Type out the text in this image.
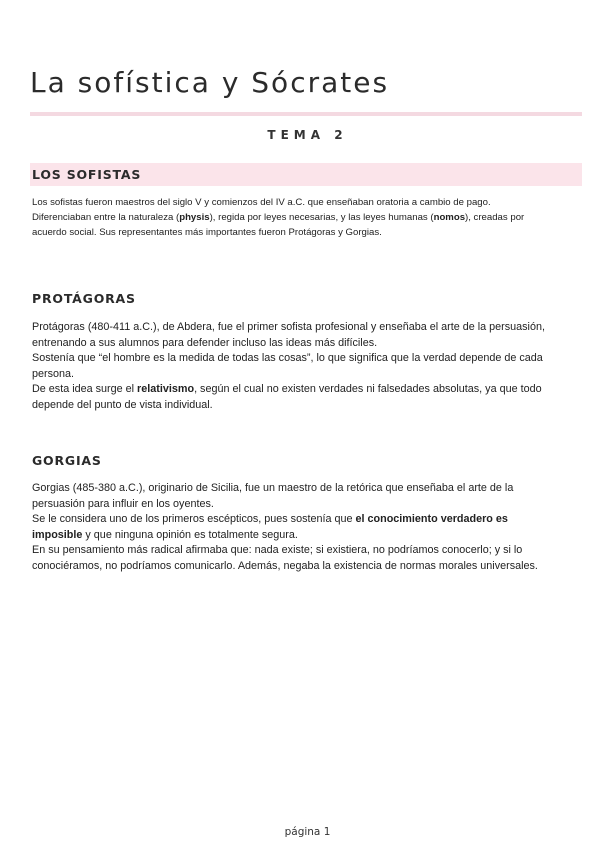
La sofística y Sócrates
TEMA 2
LOS SOFISTAS

Los sofistas fueron maestros del siglo V y comienzos del IV a.C. que enseñaban oratoria a cambio de pago.
Diferenciaban entre la naturaleza (physis), regida por leyes necesarias, y las leyes humanas (nomos), creadas por
acuerdo social. Sus representantes más importantes fueron Protágoras y Gorgias.

PROTÁGORAS

Protágoras (480-411 a.C.), de Abdera, fue el primer sofista profesional y enseñaba el arte de la persuasión,
entrenando a sus alumnos para defender incluso las ideas más difíciles.
Sostenía que “el hombre es la medida de todas las cosas”, lo que significa que la verdad depende de cada
persona.
De esta idea surge el relativismo, según el cual no existen verdades ni falsedades absolutas, ya que todo
depende del punto de vista individual.

GORGIAS

Gorgias (485-380 a.C.), originario de Sicilia, fue un maestro de la retórica que enseñaba el arte de la
persuasión para influir en los oyentes.
Se le considera uno de los primeros escépticos, pues sostenía que el conocimiento verdadero es
imposible y que ninguna opinión es totalmente segura.
En su pensamiento más radical afirmaba que: nada existe; si existiera, no podríamos conocerlo; y si lo
conociéramos, no podríamos comunicarlo. Además, negaba la existencia de normas morales universales.

página 1
